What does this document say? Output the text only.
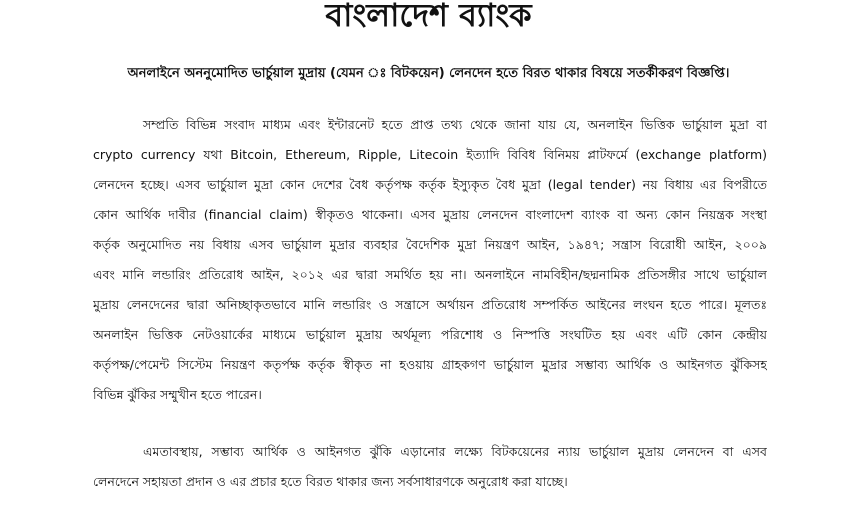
বাংলাদেশ ব্যাংক
অনলাইনে অননুমোদিত ভার্চুয়াল মুদ্রায় (যেমন ঃ বিটকয়েন) লেনদেন হতে বিরত থাকার বিষয়ে সতর্কীকরণ বিজ্ঞপ্তি।
সম্প্রতি বিভিন্ন সংবাদ মাধ্যম এবং ইন্টারনেট হতে প্রাপ্ত তথ্য থেকে জানা যায় যে, অনলাইন ভিত্তিক ভার্চুয়াল মুদ্রা বা
crypto currency যথা Bitcoin, Ethereum, Ripple, Litecoin ইত্যাদি বিবিধ বিনিময় প্লাটফর্মে (exchange platform)
লেনদেন হচ্ছে। এসব ভার্চুয়াল মুদ্রা কোন দেশের বৈধ কর্তৃপক্ষ কর্তৃক ইস্যুকৃত বৈধ মুদ্রা (legal tender) নয় বিধায় এর বিপরীতে
কোন আর্থিক দাবীর (financial claim) স্বীকৃতও থাকেনা। এসব মুদ্রায় লেনদেন বাংলাদেশ ব্যাংক বা অন্য কোন নিয়ন্ত্রক সংস্থা
কর্তৃক অনুমোদিত নয় বিধায় এসব ভার্চুয়াল মুদ্রার ব্যবহার বৈদেশিক মুদ্রা নিয়ন্ত্রণ আইন, ১৯৪৭; সন্ত্রাস বিরোধী আইন, ২০০৯
এবং মানি লন্ডারিং প্রতিরোধ আইন, ২০১২ এর দ্বারা সমর্থিত হয় না। অনলাইনে নামবিহীন/ছদ্মনামিক প্রতিসঙ্গীর সাথে ভার্চুয়াল
মুদ্রায় লেনদেনের দ্বারা অনিচ্ছাকৃতভাবে মানি লন্ডারিং ও সন্ত্রাসে অর্থায়ন প্রতিরোধ সম্পর্কিত আইনের লংঘন হতে পারে। মূলতঃ
অনলাইন ভিত্তিক নেটওয়ার্কের মাধ্যমে ভার্চুয়াল মুদ্রায় অর্থমূল্য পরিশোধ ও নিস্পত্তি সংঘটিত হয় এবং এটি কোন কেন্দ্রীয়
কর্তৃপক্ষ/পেমেন্ট সিস্টেম নিয়ন্ত্রণ কতৃর্পক্ষ কর্তৃক স্বীকৃত না হওয়ায় গ্রাহকগণ ভার্চুয়াল মুদ্রার সম্ভাব্য আর্থিক ও আইনগত ঝুঁকিসহ
বিভিন্ন ঝুঁকির সম্মুখীন হতে পারেন।
এমতাবস্থায়, সম্ভাব্য আর্থিক ও আইনগত ঝুঁকি এড়ানোর লক্ষ্যে বিটকয়েনের ন্যায় ভার্চুয়াল মুদ্রায় লেনদেন বা এসব
লেনদেনে সহায়তা প্রদান ও এর প্রচার হতে বিরত থাকার জন্য সর্বসাধারণকে অনুরোধ করা যাচ্ছে।
